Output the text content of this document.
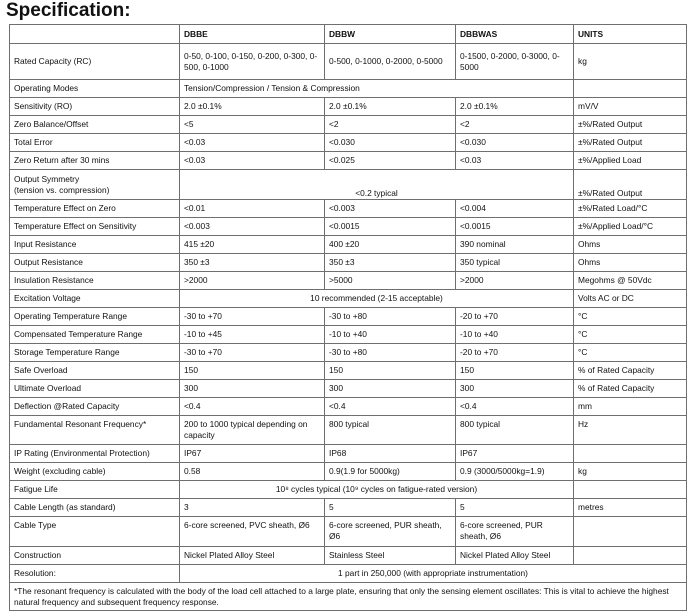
Specification:
	DBBE	DBBW	DBBWAS	UNITS
Rated Capacity (RC)	0-50, 0-100, 0-150, 0-200, 0-300, 0-500, 0-1000	0-500, 0-1000, 0-2000, 0-5000	0-1500, 0-2000, 0-3000, 0-5000	kg
Operating Modes	Tension/Compression / Tension & Compression			
Sensitivity (RO)	2.0 ±0.1%	2.0 ±0.1%	2.0 ±0.1%	mV/V
Zero Balance/Offset	<5	<2	<2	±%/Rated Output
Total Error	<0.03	<0.030	<0.030	±%/Rated Output
Zero Return after 30 mins	<0.03	<0.025	<0.03	±%/Applied Load

Output Symmetry
(tension vs. compression)	<0.2 typical			±%/Rated Output
Temperature Effect on Zero	<0.01	<0.003	<0.004	±%/Rated Load/°C
Temperature Effect on Sensitivity	<0.003	<0.0015	<0.0015	±%/Applied Load/°C
Input Resistance	415 ±20	400 ±20	390 nominal	Ohms
Output Resistance	350 ±3	350 ±3	350 typical	Ohms
Insulation Resistance	>2000	>5000	>2000	Megohms @ 50Vdc
Excitation Voltage	10 recommended (2-15 acceptable)			Volts AC or DC
Operating Temperature Range	-30 to +70	-30 to +80	-20 to +70	°C
Compensated Temperature Range	-10 to +45	-10 to +40	-10 to +40	°C
Storage Temperature Range	-30 to +70	-30 to +80	-20 to +70	°C
Safe Overload	150	150	150	% of Rated Capacity
Ultimate Overload	300	300	300	% of Rated Capacity
Deflection @Rated Capacity	<0.4	<0.4	<0.4	mm
Fundamental Resonant Frequency*	200 to 1000 typical depending on capacity	800 typical	800 typical	Hz
IP Rating (Environmental Protection)	IP67	IP68	IP67	
Weight (excluding cable)	0.58	0.9(1.9 for 5000kg)	0.9 (3000/5000kg=1.9)	kg
Fatigue Life	10⁸ cycles typical (10⁹ cycles on fatigue-rated version)			
Cable Length (as standard)	3	5	5	metres
Cable Type	6-core screened, PVC sheath, Ø6	6-core screened, PUR sheath, Ø6	6-core screened, PUR sheath, Ø6	
Construction	Nickel Plated Alloy Steel	Stainless Steel	Nickel Plated Alloy Steel	
Resolution:	1 part in 250,000 (with appropriate instrumentation)			
*The resonant frequency is calculated with the body of the load cell attached to a large plate, ensuring that only the sensing element oscillates: This is vital to achieve the highest natural frequency and subsequent frequency response.				
